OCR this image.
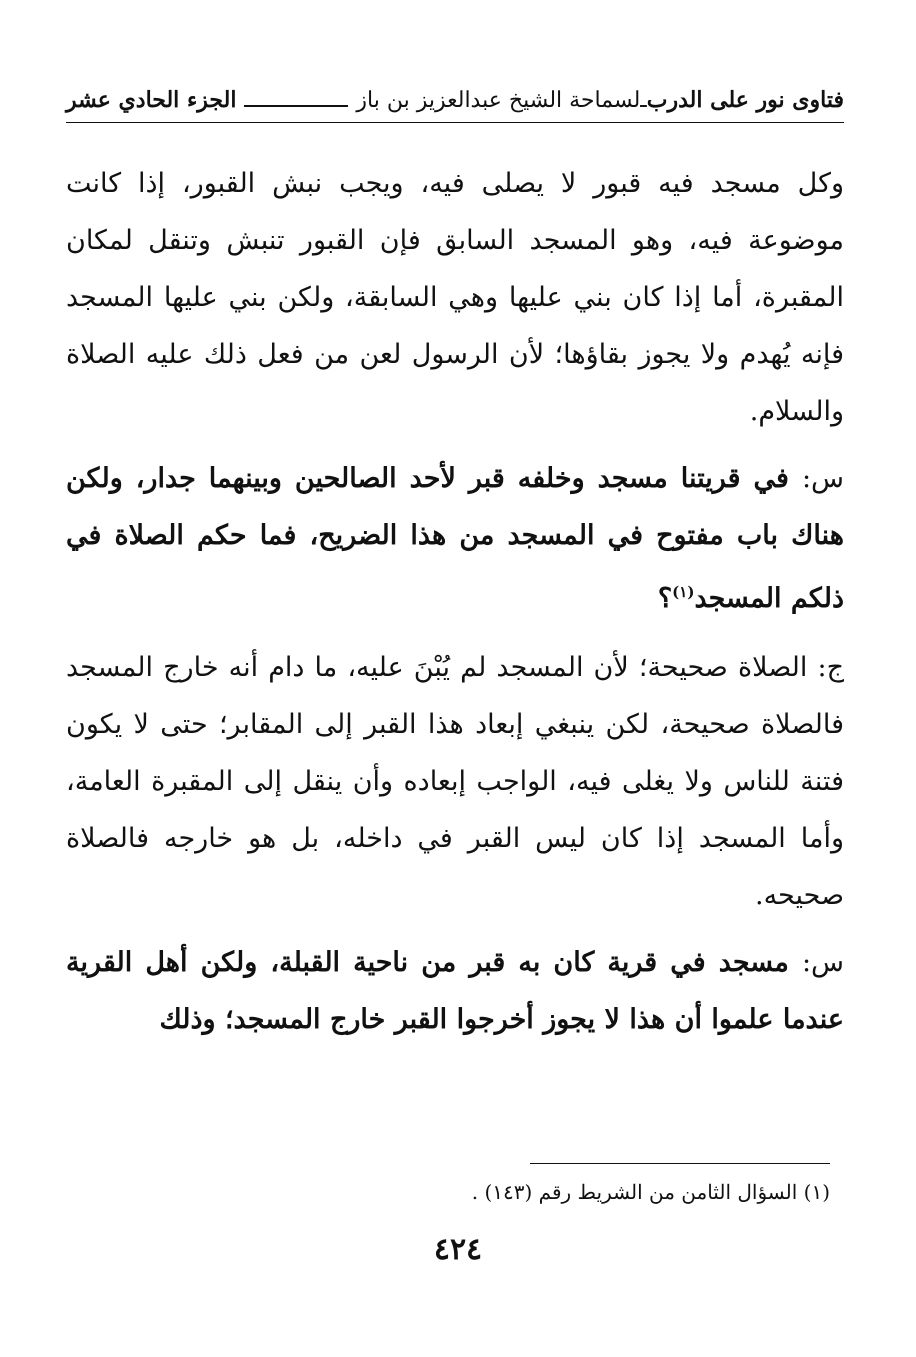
فتاوى نور على الدرب
ـ
لسماحة الشيخ عبدالعزيز بن باز
الجزء الحادي عشر

وكل مسجد فيه قبور لا يصلى فيه، ويجب نبش القبور، إذا كانت موضوعة فيه، وهو المسجد السابق فإن القبور تنبش وتنقل لمكان المقبرة، أما إذا كان بني عليها وهي السابقة، ولكن بني عليها المسجد فإنه يُهدم ولا يجوز بقاؤها؛ لأن الرسول لعن من فعل ذلك عليه الصلاة والسلام.

س: في قريتنا مسجد وخلفه قبر لأحد الصالحين وبينهما جدار، ولكن هناك باب مفتوح في المسجد من هذا الضريح، فما حكم الصلاة في ذلكم المسجد$^{(١)}$؟

ج: الصلاة صحيحة؛ لأن المسجد لم يُبْنَ عليه، ما دام أنه خارج المسجد فالصلاة صحيحة، لكن ينبغي إبعاد هذا القبر إلى المقابر؛ حتى لا يكون فتنة للناس ولا يغلى فيه، الواجب إبعاده وأن ينقل إلى المقبرة العامة، وأما المسجد إذا كان ليس القبر في داخله، بل هو خارجه فالصلاة صحيحه.

س: مسجد في قرية كان به قبر من ناحية القبلة، ولكن أهل القرية عندما علموا أن هذا لا يجوز أخرجوا القبر خارج المسجد؛ وذلك

(١) السؤال الثامن من الشريط رقم (١٤٣) .
٤٢٤
